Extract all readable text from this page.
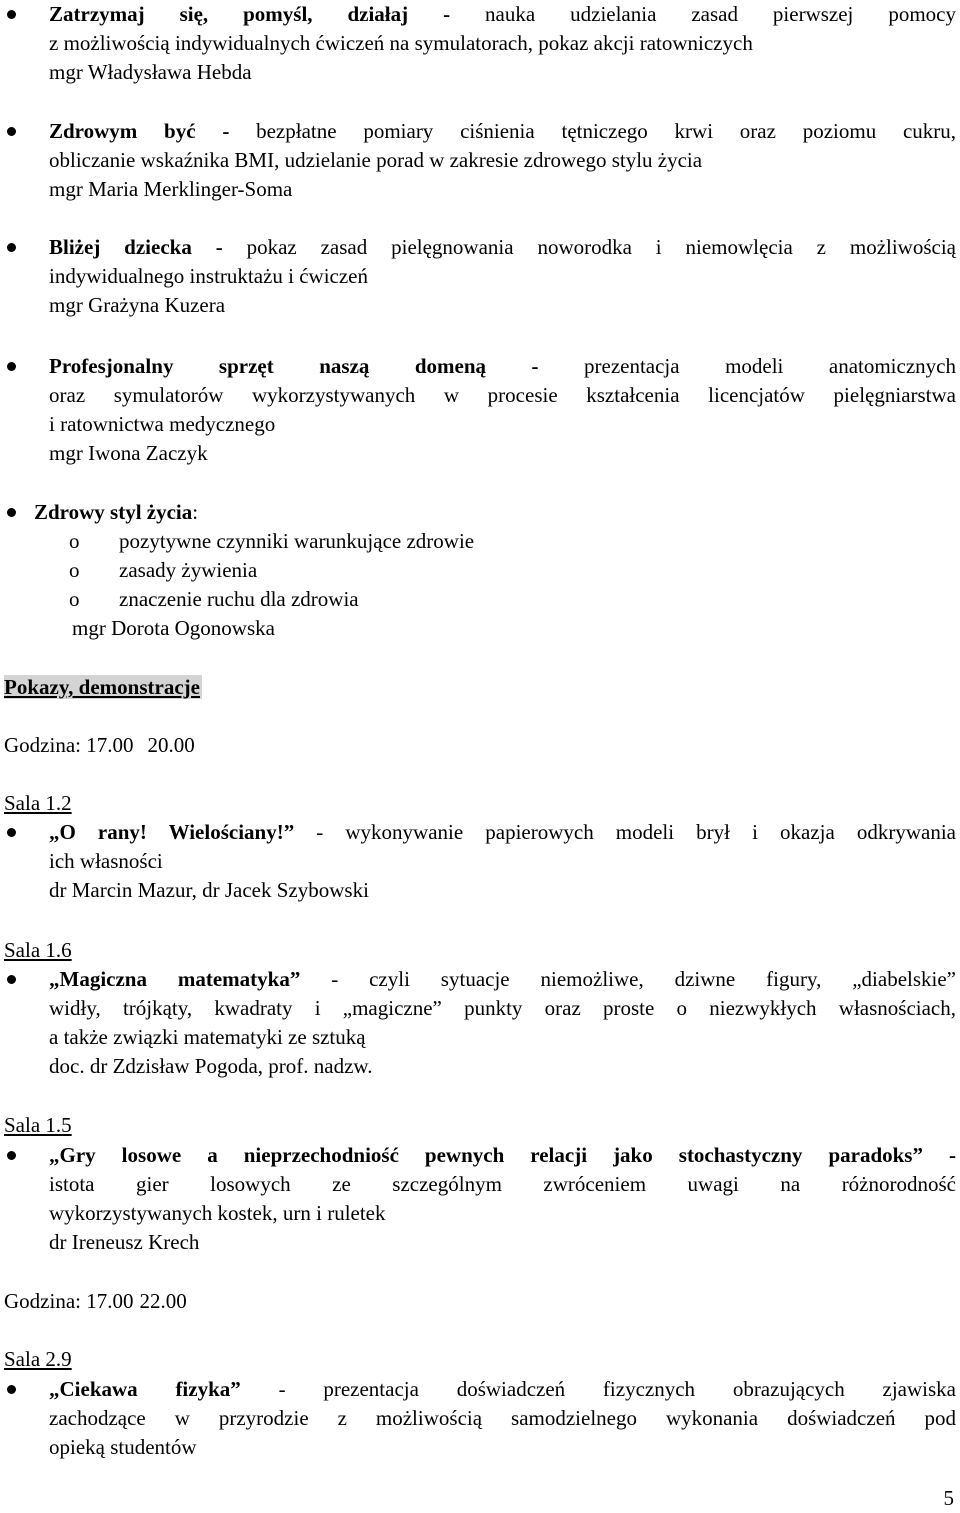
Zatrzymaj się, pomyśl, działaj - nauka udzielania zasad pierwszej pomocy

z możliwością indywidualnych ćwiczeń na symulatorach, pokaz akcji ratowniczych

mgr Władysława Hebda

Zdrowym być - bezpłatne pomiary ciśnienia tętniczego krwi oraz poziomu cukru,

obliczanie wskaźnika BMI, udzielanie porad w zakresie zdrowego stylu życia

mgr Maria Merklinger-Soma

Bliżej dziecka - pokaz zasad pielęgnowania noworodka i niemowlęcia z możliwością

indywidualnego instruktażu i ćwiczeń

mgr Grażyna Kuzera

Profesjonalny sprzęt naszą domeną - prezentacja modeli anatomicznych

oraz symulatorów wykorzystywanych w procesie kształcenia licencjatów pielęgniarstwa

i ratownictwa medycznego

mgr Iwona Zaczyk

Zdrowy styl życia:

o pozytywne czynniki warunkujące zdrowie
o zasady żywienia
o znaczenie ruchu dla zdrowia
mgr Dorota Ogonowska
Pokazy, demonstracje
Godzina: 17.00 20.00
Sala 1.2

„O rany! Wielościany!” - wykonywanie papierowych modeli brył i okazja odkrywania

ich własności

dr Marcin Mazur, dr Jacek Szybowski

Sala 1.6

„Magiczna matematyka” - czyli sytuacje niemożliwe, dziwne figury, „diabelskie”

widły, trójkąty, kwadraty i „magiczne” punkty oraz proste o niezwykłych własnościach,

a także związki matematyki ze sztuką

doc. dr Zdzisław Pogoda, prof. nadzw.

Sala 1.5

„Gry losowe a nieprzechodniość pewnych relacji jako stochastyczny paradoks” -

istota gier losowych ze szczególnym zwróceniem uwagi na różnorodność

wykorzystywanych kostek, urn i ruletek

dr Ireneusz Krech

Godzina: 17.00 22.00
Sala 2.9

„Ciekawa fizyka” - prezentacja doświadczeń fizycznych obrazujących zjawiska

zachodzące w przyrodzie z możliwością samodzielnego wykonania doświadczeń pod

opieką studentów

5
